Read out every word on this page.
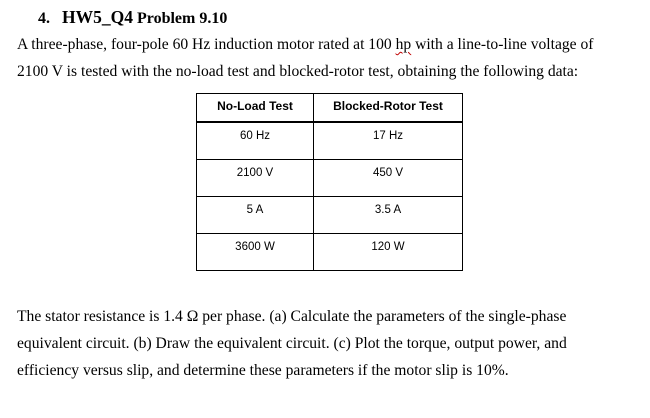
4. HW5_Q4 Problem 9.10
A three-phase, four-pole 60 Hz induction motor rated at 100 hp with a line-to-line voltage of
2100 V is tested with the no-load test and blocked-rotor test, obtaining the following data:
No-Load Test	Blocked-Rotor Test
60 Hz	17 Hz
2100 V	450 V
5 A	3.5 A
3600 W	120 W
The stator resistance is 1.4 Ω per phase. (a) Calculate the parameters of the single-phase
equivalent circuit. (b) Draw the equivalent circuit. (c) Plot the torque, output power, and
efficiency versus slip, and determine these parameters if the motor slip is 10%.
